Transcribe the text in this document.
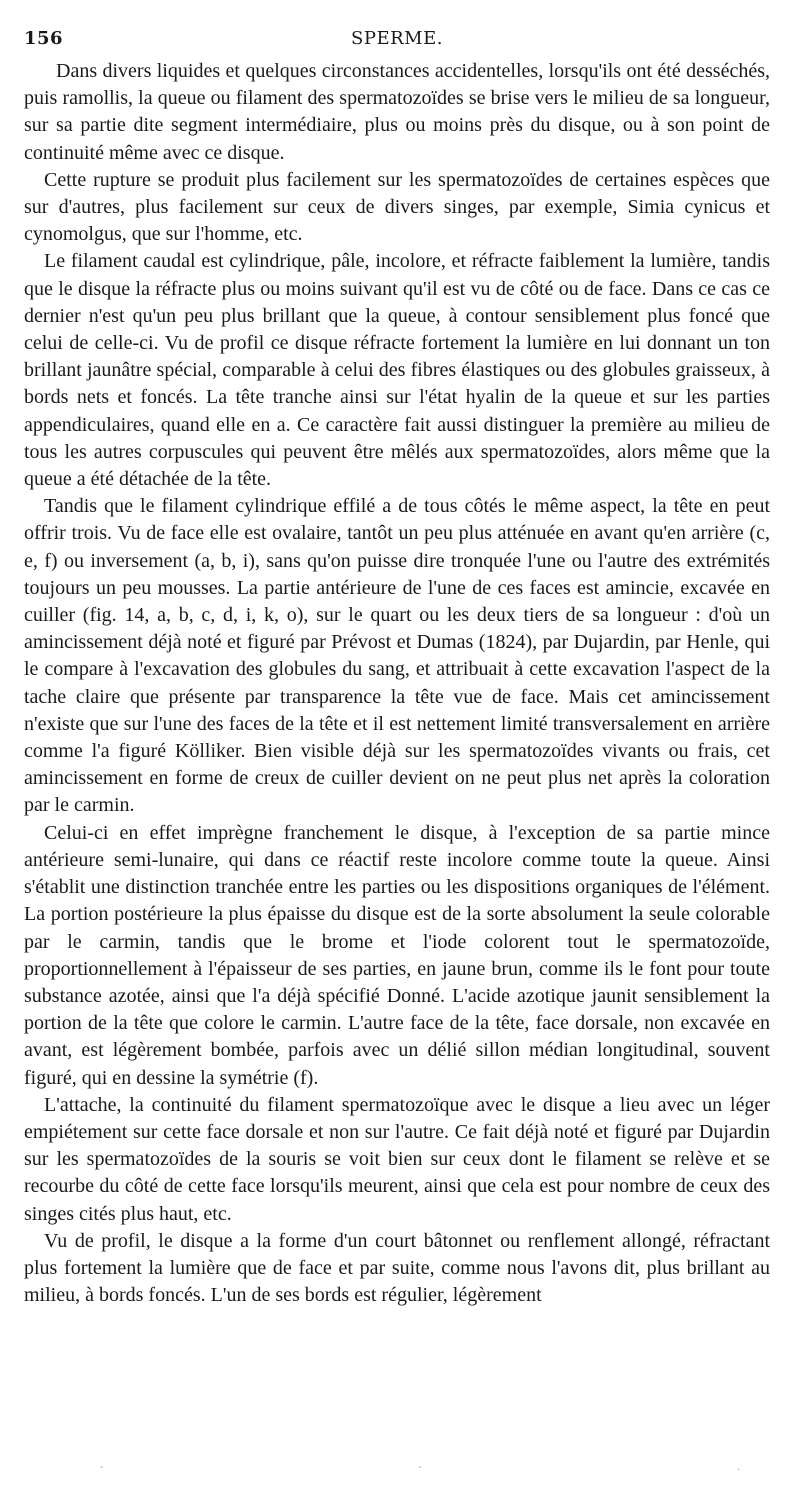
156	SPERME.

Dans divers liquides et quelques circonstances accidentelles, lorsqu'ils ont été desséchés, puis ramollis, la queue ou filament des spermatozoïdes se brise vers le milieu de sa longueur, sur sa partie dite segment intermédiaire, plus ou moins près du disque, ou à son point de continuité même avec ce disque.

Cette rupture se produit plus facilement sur les spermatozoïdes de certaines espèces que sur d'autres, plus facilement sur ceux de divers singes, par exemple, Simia cynicus et cynomolgus, que sur l'homme, etc.

Le filament caudal est cylindrique, pâle, incolore, et réfracte faiblement la lumière, tandis que le disque la réfracte plus ou moins suivant qu'il est vu de côté ou de face. Dans ce cas ce dernier n'est qu'un peu plus brillant que la queue, à contour sensiblement plus foncé que celui de celle-ci. Vu de profil ce disque réfracte fortement la lumière en lui donnant un ton brillant jaunâtre spécial, comparable à celui des fibres élastiques ou des globules graisseux, à bords nets et foncés. La tête tranche ainsi sur l'état hyalin de la queue et sur les parties appendiculaires, quand elle en a. Ce caractère fait aussi distinguer la première au milieu de tous les autres corpuscules qui peuvent être mêlés aux spermatozoïdes, alors même que la queue a été détachée de la tête.

Tandis que le filament cylindrique effilé a de tous côtés le même aspect, la tête en peut offrir trois. Vu de face elle est ovalaire, tantôt un peu plus atténuée en avant qu'en arrière (c, e, f) ou inversement (a, b, i), sans qu'on puisse dire tronquée l'une ou l'autre des extrémités toujours un peu mousses. La partie antérieure de l'une de ces faces est amincie, excavée en cuiller (fig. 14, a, b, c, d, i, k, o), sur le quart ou les deux tiers de sa longueur : d'où un amincissement déjà noté et figuré par Prévost et Dumas (1824), par Dujardin, par Henle, qui le compare à l'excavation des globules du sang, et attribuait à cette excavation l'aspect de la tache claire que présente par transparence la tête vue de face. Mais cet amincissement n'existe que sur l'une des faces de la tête et il est nettement limité transversalement en arrière comme l'a figuré Kölliker. Bien visible déjà sur les spermatozoïdes vivants ou frais, cet amincissement en forme de creux de cuiller devient on ne peut plus net après la coloration par le carmin.

Celui-ci en effet imprègne franchement le disque, à l'exception de sa partie mince antérieure semi-lunaire, qui dans ce réactif reste incolore comme toute la queue. Ainsi s'établit une distinction tranchée entre les parties ou les dispositions organiques de l'élément. La portion postérieure la plus épaisse du disque est de la sorte absolument la seule colorable par le carmin, tandis que le brome et l'iode colorent tout le spermatozoïde, proportionnellement à l'épaisseur de ses parties, en jaune brun, comme ils le font pour toute substance azotée, ainsi que l'a déjà spécifié Donné. L'acide azotique jaunit sensiblement la portion de la tête que colore le carmin. L'autre face de la tête, face dorsale, non excavée en avant, est légèrement bombée, parfois avec un délié sillon médian longitudinal, souvent figuré, qui en dessine la symétrie (f).

L'attache, la continuité du filament spermatozoïque avec le disque a lieu avec un léger empiétement sur cette face dorsale et non sur l'autre. Ce fait déjà noté et figuré par Dujardin sur les spermatozoïdes de la souris se voit bien sur ceux dont le filament se relève et se recourbe du côté de cette face lorsqu'ils meurent, ainsi que cela est pour nombre de ceux des singes cités plus haut, etc.

Vu de profil, le disque a la forme d'un court bâtonnet ou renflement allongé, réfractant plus fortement la lumière que de face et par suite, comme nous l'avons dit, plus brillant au milieu, à bords foncés. L'un de ses bords est régulier, légèrement

-	-	.
